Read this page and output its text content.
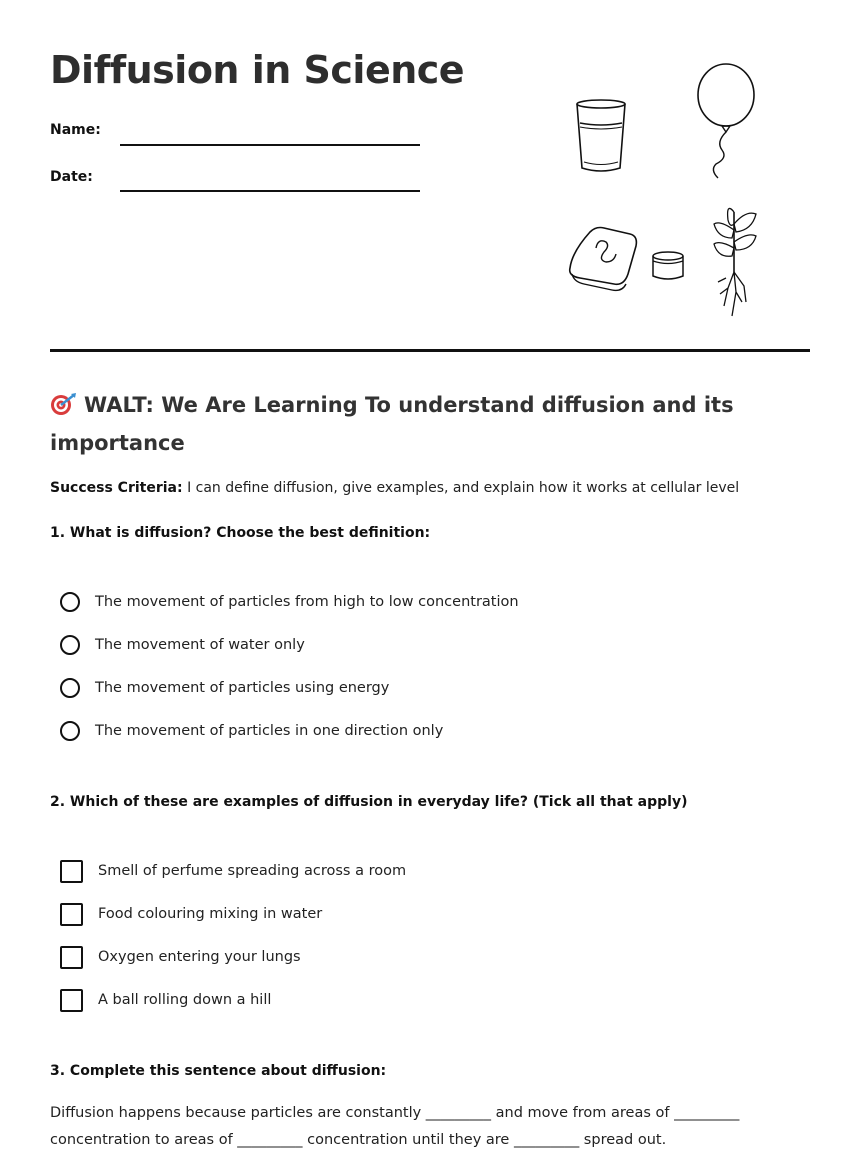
Diffusion in Science
Name:
Date:
WALT: We Are Learning To understand diffusion and its importance
Success Criteria: I can define diffusion, give examples, and explain how it works at cellular level

1. What is diffusion? Choose the best definition:

The movement of particles from high to low concentration
The movement of water only
The movement of particles using energy
The movement of particles in one direction only

2. Which of these are examples of diffusion in everyday life? (Tick all that apply)

Smell of perfume spreading across a room
Food colouring mixing in water
Oxygen entering your lungs
A ball rolling down a hill

3. Complete this sentence about diffusion:

Diffusion happens because particles are constantly _________ and move from areas of _________ concentration to areas of _________ concentration until they are _________ spread out.
